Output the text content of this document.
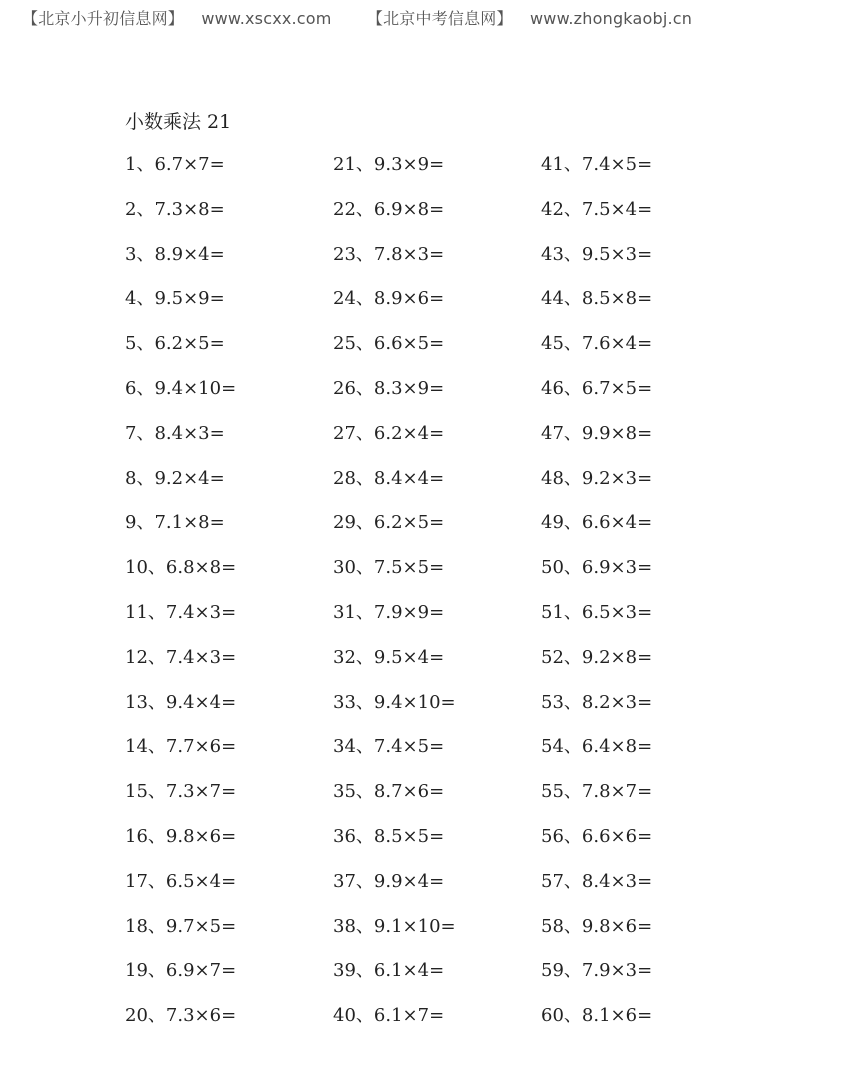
【北京小升初信息网】 www.xscxx.com 【北京中考信息网】 www.zhongkaobj.cn
小数乘法 21
1、6.7×7=
2、7.3×8=
3、8.9×4=
4、9.5×9=
5、6.2×5=
6、9.4×10=
7、8.4×3=
8、9.2×4=
9、7.1×8=
10、6.8×8=
11、7.4×3=
12、7.4×3=
13、9.4×4=
14、7.7×6=
15、7.3×7=
16、9.8×6=
17、6.5×4=
18、9.7×5=
19、6.9×7=
20、7.3×6=
21、9.3×9=
22、6.9×8=
23、7.8×3=
24、8.9×6=
25、6.6×5=
26、8.3×9=
27、6.2×4=
28、8.4×4=
29、6.2×5=
30、7.5×5=
31、7.9×9=
32、9.5×4=
33、9.4×10=
34、7.4×5=
35、8.7×6=
36、8.5×5=
37、9.9×4=
38、9.1×10=
39、6.1×4=
40、6.1×7=
41、7.4×5=
42、7.5×4=
43、9.5×3=
44、8.5×8=
45、7.6×4=
46、6.7×5=
47、9.9×8=
48、9.2×3=
49、6.6×4=
50、6.9×3=
51、6.5×3=
52、9.2×8=
53、8.2×3=
54、6.4×8=
55、7.8×7=
56、6.6×6=
57、8.4×3=
58、9.8×6=
59、7.9×3=
60、8.1×6=
